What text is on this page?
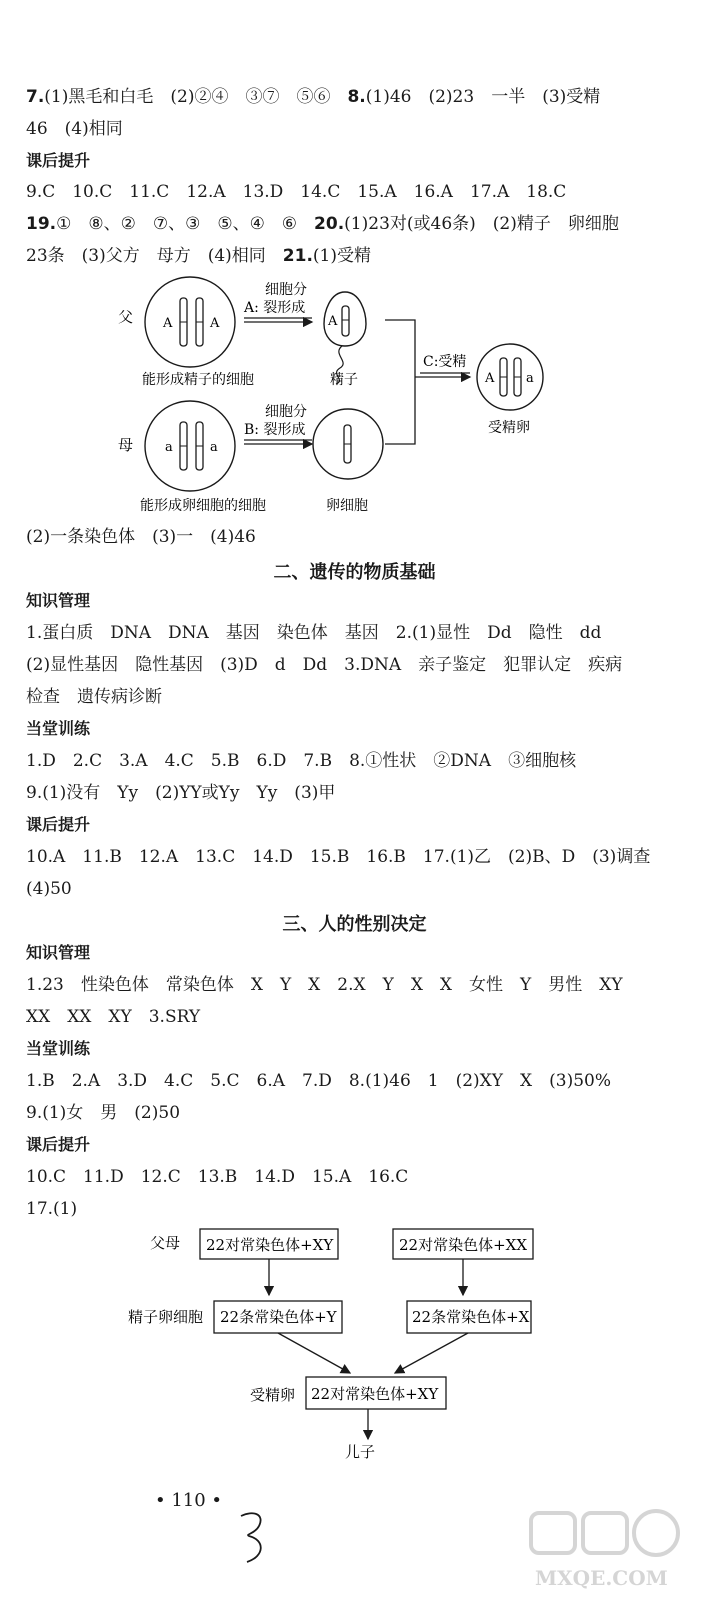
7.(1)黑毛和白毛　(2)②④　③⑦　⑤⑥　8.(1)46　(2)23　一半　(3)受精
46　(4)相同
课后提升
9.C　10.C　11.C　12.A　13.D　14.C　15.A　16.A　17.A　18.C
19.①　⑧、②　⑦、③　⑤、④　⑥　20.(1)23对(或46条)　(2)精子　卵细胞
23条　(3)父方　母方　(4)相同　21.(1)受精
父 A	A
能形成精子的细胞
细胞分
A: 裂形成
A
精子
C:受精
A a
受精卵
母 a	a
能形成卵细胞的细胞
细胞分
B: 裂形成
卵细胞
(2)一条染色体　(3)一　(4)46
二、遗传的物质基础
知识管理
1.蛋白质　DNA　DNA　基因　染色体　基因　2.(1)显性　Dd　隐性　dd
(2)显性基因　隐性基因　(3)D　d　Dd　3.DNA　亲子鉴定　犯罪认定　疾病
检查　遗传病诊断
当堂训练
1.D　2.C　3.A　4.C　5.B　6.D　7.B　8.①性状　②DNA　③细胞核
9.(1)没有　Yy　(2)YY或Yy　Yy　(3)甲
课后提升
10.A　11.B　12.A　13.C　14.D　15.B　16.B　17.(1)乙　(2)B、D　(3)调查
(4)50
三、人的性别决定
知识管理
1.23　性染色体　常染色体　X　Y　X　2.X　Y　X　X　女性　Y　男性　XY
XX　XX　XY　3.SRY
当堂训练
1.B　2.A　3.D　4.C　5.C　6.A　7.D　8.(1)46　1　(2)XY　X　(3)50%
9.(1)女　男　(2)50
课后提升
10.C　11.D　12.C　13.B　14.D　15.A　16.C
17.(1)
父母 22对常染色体+XY	22对常染色体+XX
精子卵细胞 22条常染色体+Y	22条常染色体+X
受精卵 22对常染色体+XY
儿子
• 110 •
MXQE.COM
